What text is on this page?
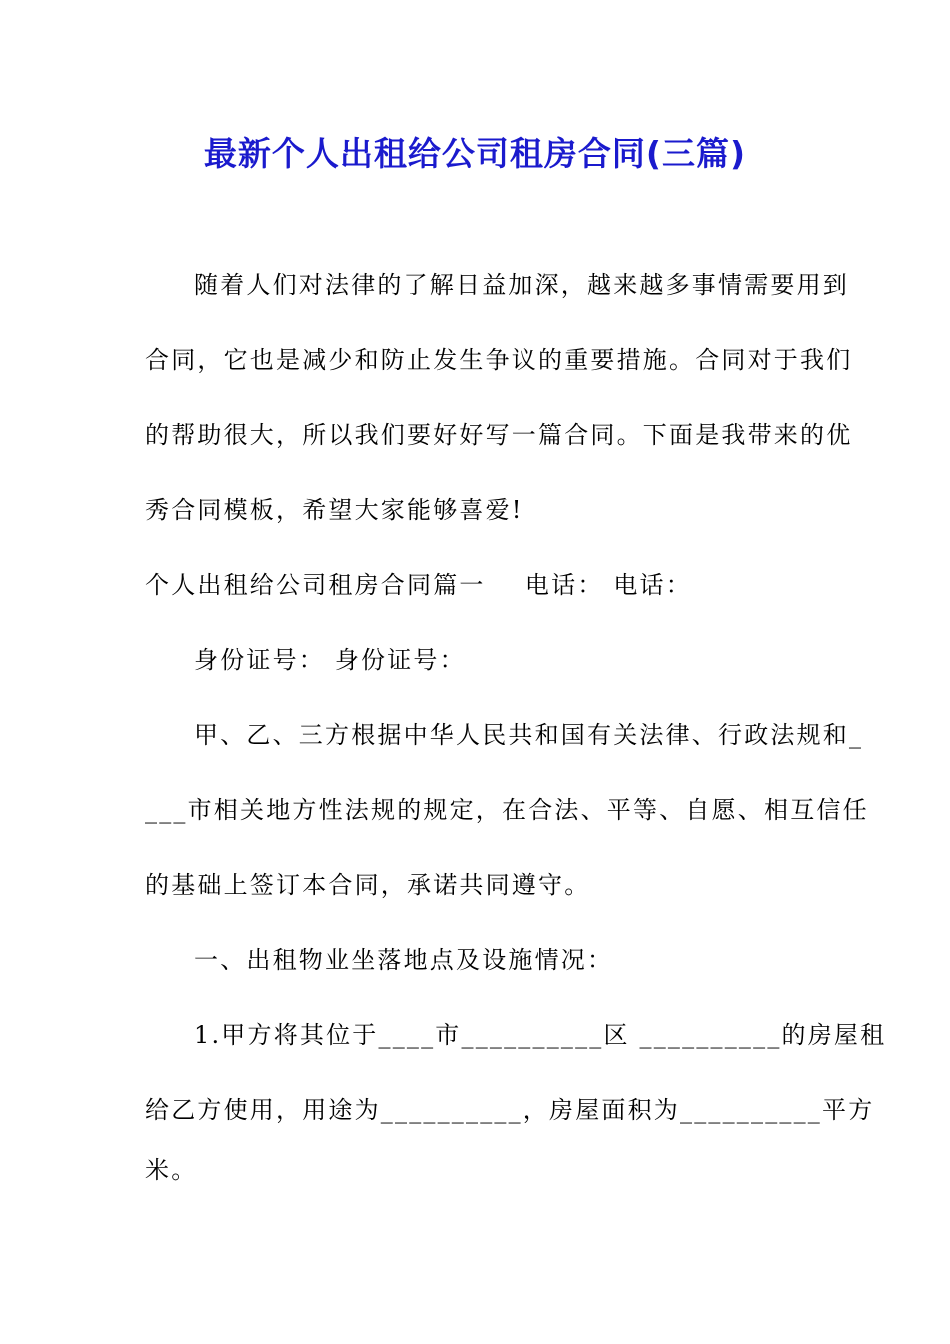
最新个人出租给公司租房合同(三篇)
随着人们对法律的了解日益加深，越来越多事情需要用到
合同，它也是减少和防止发生争议的重要措施。合同对于我们
的帮助很大，所以我们要好好写一篇合同。下面是我带来的优
秀合同模板，希望大家能够喜爱!
个人出租给公司租房合同篇一    电话： 电话：
身份证号： 身份证号：
甲、乙、三方根据中华人民共和国有关法律、行政法规和_
___市相关地方性法规的规定，在合法、平等、自愿、相互信任
的基础上签订本合同，承诺共同遵守。
一、出租物业坐落地点及设施情况：
1.甲方将其位于____市__________区 __________的房屋租
给乙方使用，用途为__________，房屋面积为__________平方
米。
